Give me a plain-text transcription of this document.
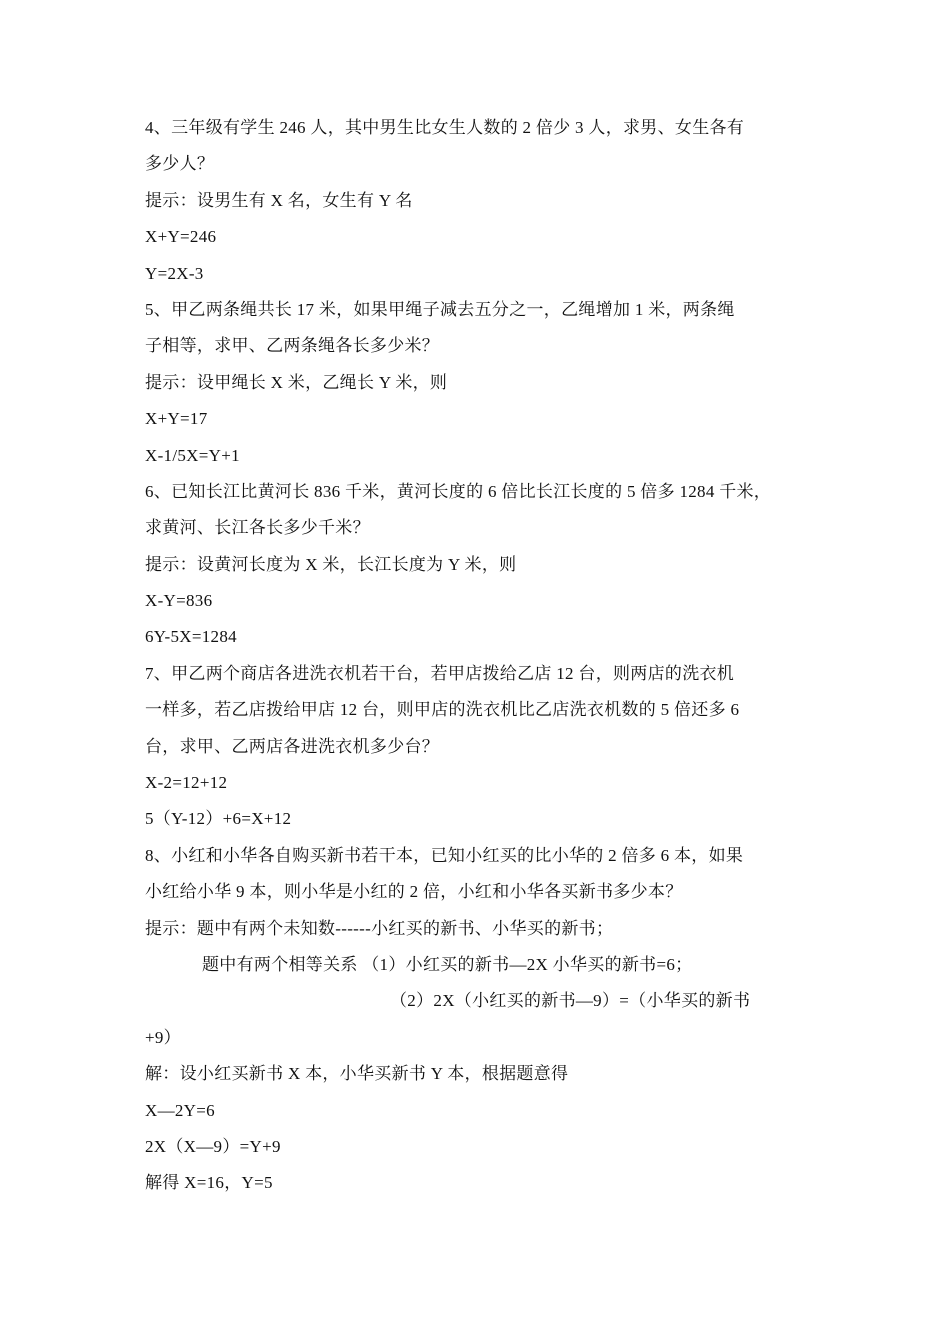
4、三年级有学生 246 人，其中男生比女生人数的 2 倍少 3 人，求男、女生各有
多少人？
提示：设男生有 X 名，女生有 Y 名
X+Y=246
Y=2X-3
5、甲乙两条绳共长 17 米，如果甲绳子减去五分之一，乙绳增加 1 米，两条绳
子相等，求甲、乙两条绳各长多少米？
提示：设甲绳长 X 米，乙绳长 Y 米，则
X+Y=17
X-1/5X=Y+1
6、已知长江比黄河长 836 千米，黄河长度的 6 倍比长江长度的 5 倍多 1284 千米，
求黄河、长江各长多少千米？
提示：设黄河长度为 X 米，长江长度为 Y 米，则
X-Y=836
6Y-5X=1284
7、甲乙两个商店各进洗衣机若干台，若甲店拨给乙店 12 台，则两店的洗衣机
一样多，若乙店拨给甲店 12 台，则甲店的洗衣机比乙店洗衣机数的 5 倍还多 6
台，求甲、乙两店各进洗衣机多少台？
X-2=12+12
5（Y-12）+6=X+12
8、小红和小华各自购买新书若干本，已知小红买的比小华的 2 倍多 6 本，如果
小红给小华 9 本，则小华是小红的 2 倍，小红和小华各买新书多少本？
提示：题中有两个未知数------小红买的新书、小华买的新书；
题中有两个相等关系 （1）小红买的新书—2X 小华买的新书=6；
（2）2X（小红买的新书—9）=（小华买的新书
+9）
解：设小红买新书 X 本，小华买新书 Y 本，根据题意得
X—2Y=6
2X（X—9）=Y+9
解得 X=16，Y=5
